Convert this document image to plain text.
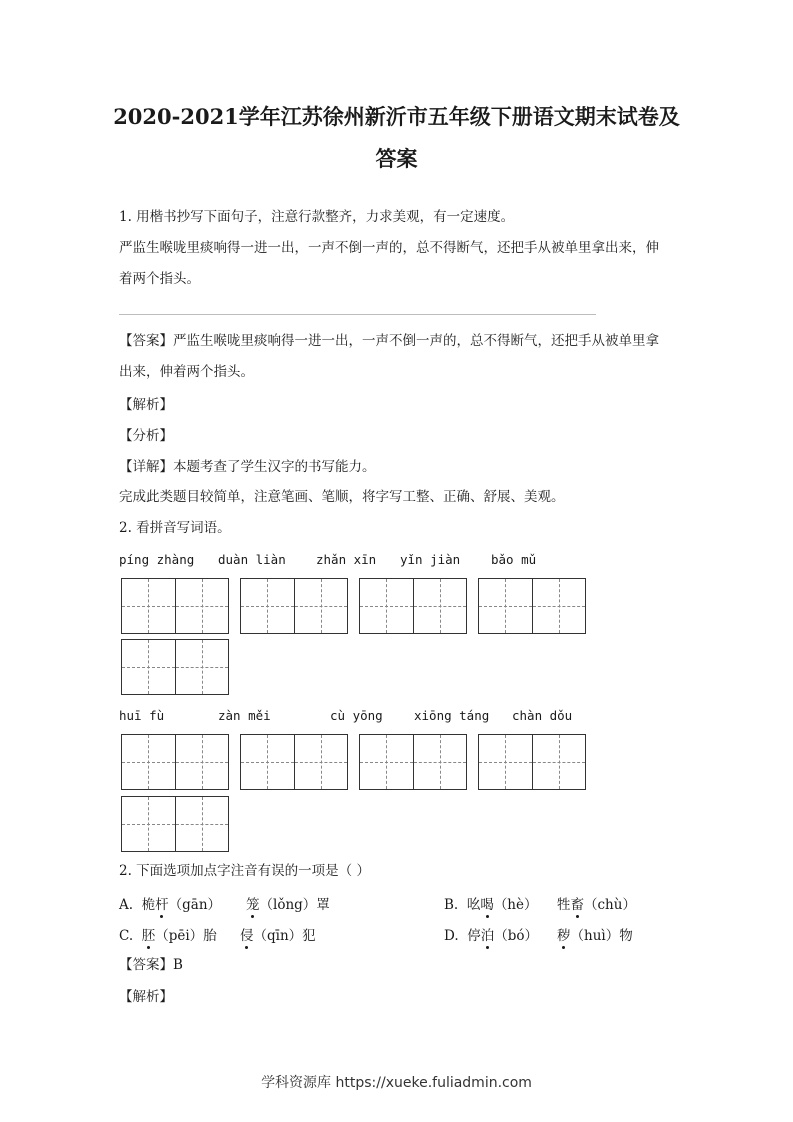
2020-2021学年江苏徐州新沂市五年级下册语文期末试卷及
答案
1. 用楷书抄写下面句子，注意行款整齐，力求美观，有一定速度。
严监生喉咙里痰响得一进一出，一声不倒一声的，总不得断气，还把手从被单里拿出来，伸
着两个指头。
【答案】严监生喉咙里痰响得一进一出，一声不倒一声的，总不得断气，还把手从被单里拿
出来，伸着两个指头。
【解析】
【分析】
【详解】本题考查了学生汉字的书写能力。
完成此类题目较简单，注意笔画、笔顺，将字写工整、正确、舒展、美观。
2. 看拼音写词语。
píng zhàng duàn liàn zhǎn xīn yǐn jiàn bǎo mǔ
huī fù	zàn měi	cù yōng	xiōng táng chàn dǒu
2. 下面选项加点字注音有误的一项是（ ）
A. 桅杆（gān） 笼（lǒng）罩	B. 吆喝（hè） 牲畜（chù）
C. 胚（pēi）胎 侵（qīn）犯	D. 停泊（bó） 秽（huì）物
【答案】B
【解析】
学科资源库 https://xueke.fuliadmin.com
